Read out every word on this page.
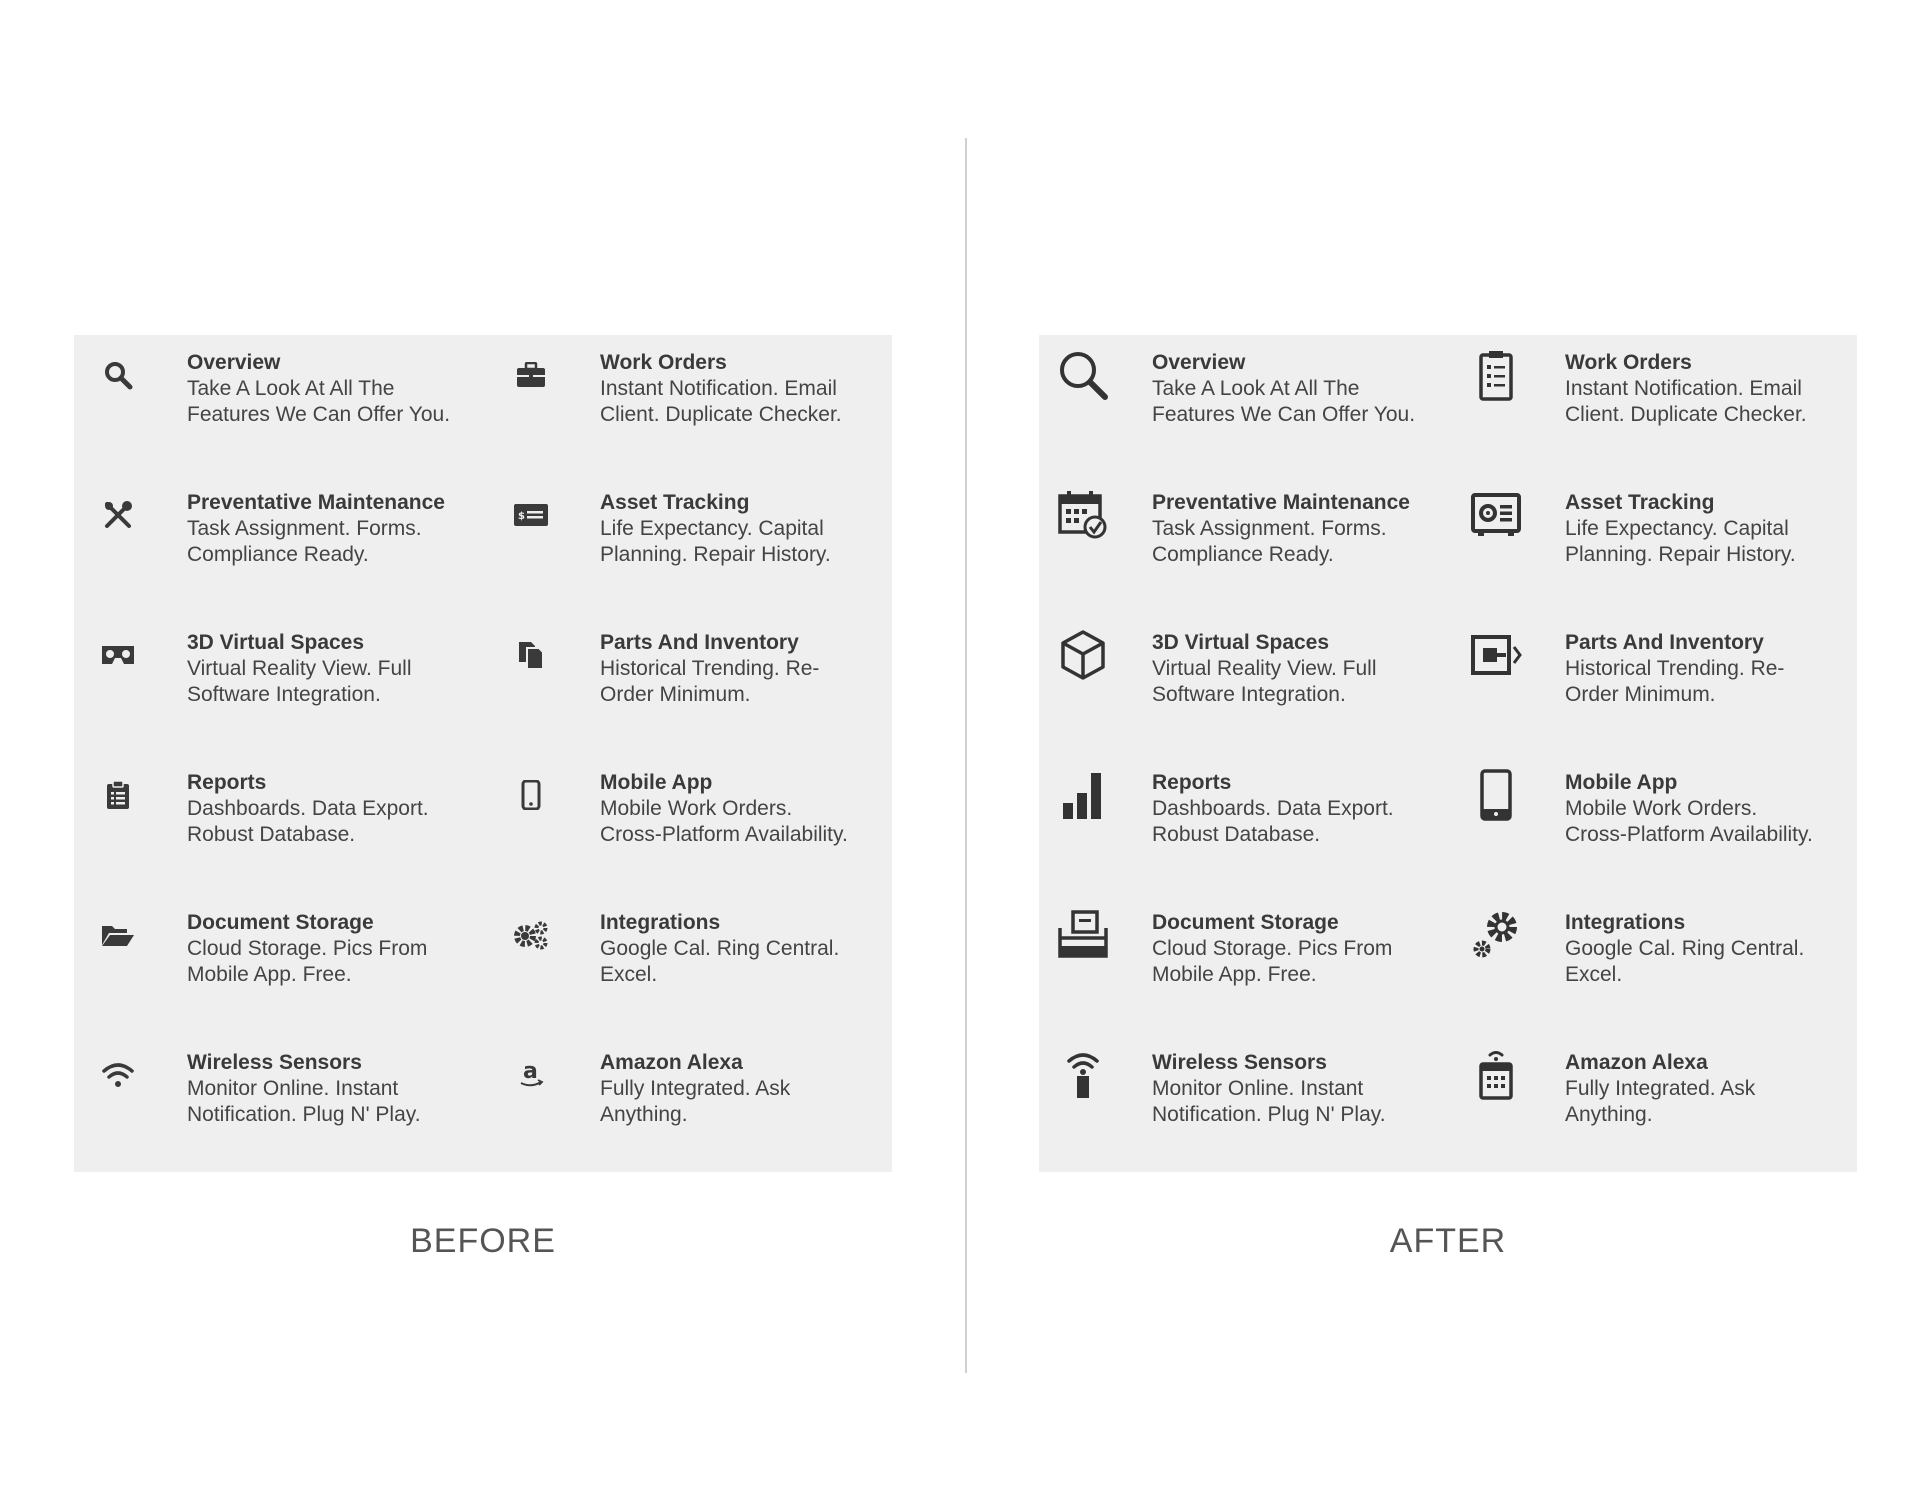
Overview
Take A Look At All The
Features We Can Offer You.
Work Orders
Instant Notification. Email
Client. Duplicate Checker.
Preventative Maintenance
Task Assignment. Forms.
Compliance Ready.
$
Asset Tracking
Life Expectancy. Capital
Planning. Repair History.
3D Virtual Spaces
Virtual Reality View. Full
Software Integration.
Parts And Inventory
Historical Trending. Re-
Order Minimum.
Reports
Dashboards. Data Export.
Robust Database.
Mobile App
Mobile Work Orders.
Cross-Platform Availability.
Document Storage
Cloud Storage. Pics From
Mobile App. Free.
Integrations
Google Cal. Ring Central.
Excel.
Wireless Sensors
Monitor Online. Instant
Notification. Plug N' Play.
a	Amazon Alexa
Fully Integrated. Ask
Anything.
BEFORE
Overview
Take A Look At All The
Features We Can Offer You.
Work Orders
Instant Notification. Email
Client. Duplicate Checker.
Preventative Maintenance
Task Assignment. Forms.
Compliance Ready.
Asset Tracking
Life Expectancy. Capital
Planning. Repair History.
3D Virtual Spaces
Virtual Reality View. Full
Software Integration.
Parts And Inventory
Historical Trending. Re-
Order Minimum.
Reports
Dashboards. Data Export.
Robust Database.
Mobile App
Mobile Work Orders.
Cross-Platform Availability.
Document Storage
Cloud Storage. Pics From
Mobile App. Free.
Integrations
Google Cal. Ring Central.
Excel.
Wireless Sensors
Monitor Online. Instant
Notification. Plug N' Play.
Amazon Alexa
Fully Integrated. Ask
Anything.
AFTER
